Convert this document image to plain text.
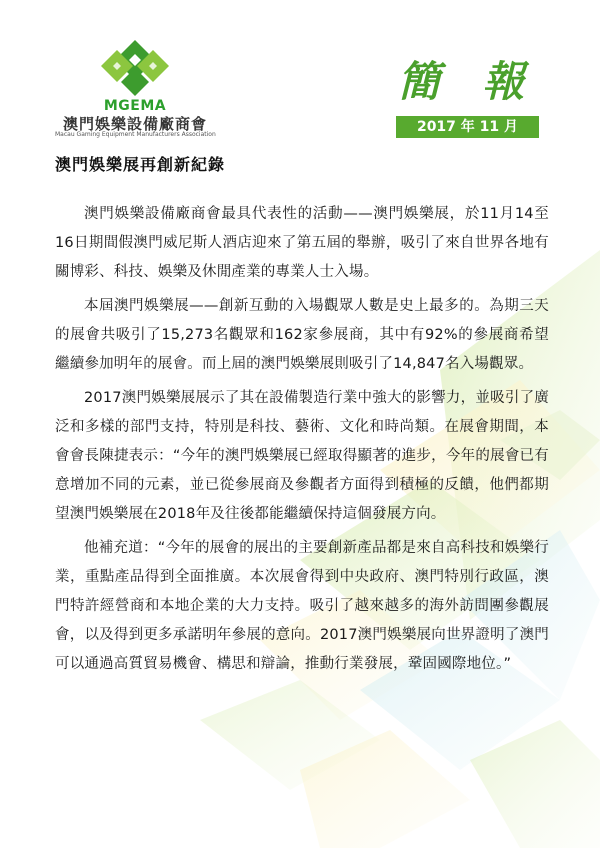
MGEMA
澳門娛樂設備廠商會
Macau Gaming Equipment Manufacturers Association
簡 報
2017 年 11 月
澳門娛樂展再創新紀錄

澳門娛樂設備廠商會最具代表性的活動——澳門娛樂展，於11月14至16日期間假澳門威尼斯人酒店迎來了第五屆的舉辦，吸引了來自世界各地有關博彩、科技、娛樂及休閒產業的專業人士入場。

本屆澳門娛樂展——創新互動的入場觀眾人數是史上最多的。為期三天的展會共吸引了15,273名觀眾和162家參展商，其中有92%的參展商希望繼續參加明年的展會。而上屆的澳門娛樂展則吸引了14,847名入場觀眾。

2017澳門娛樂展展示了其在設備製造行業中強大的影響力，並吸引了廣泛和多樣的部門支持，特別是科技、藝術、文化和時尚類。在展會期間，本會會長陳捷表示：“今年的澳門娛樂展已經取得顯著的進步，今年的展會已有意增加不同的元素，並已從參展商及參觀者方面得到積極的反饋，他們都期望澳門娛樂展在2018年及往後都能繼續保持這個發展方向。

他補充道：“今年的展會的展出的主要創新產品都是來自高科技和娛樂行業，重點產品得到全面推廣。本次展會得到中央政府、澳門特別行政區，澳門特許經營商和本地企業的大力支持。吸引了越來越多的海外訪問團參觀展會，以及得到更多承諾明年參展的意向。2017澳門娛樂展向世界證明了澳門可以通過高質貿易機會、構思和辯論，推動行業發展，鞏固國際地位。”
